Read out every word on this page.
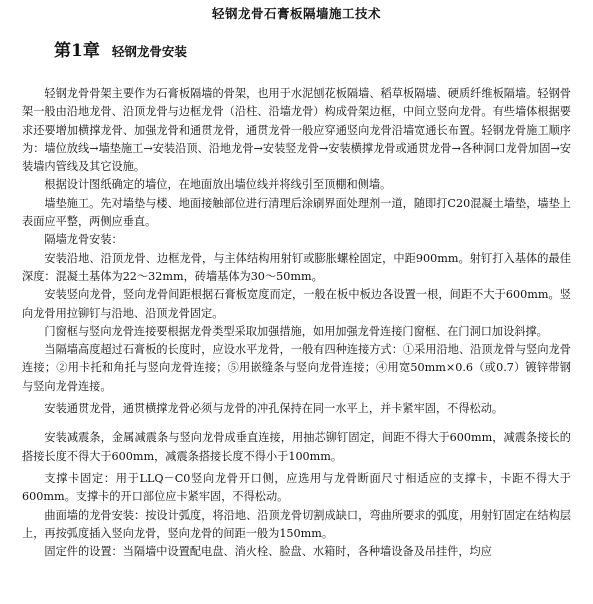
轻钢龙骨石膏板隔墙施工技术
第1章 轻钢龙骨安装

轻钢龙骨骨架主要作为石膏板隔墙的骨架，也用于水泥刨花板隔墙、稻草板隔墙、硬质纤维板隔墙。轻钢骨架一般由沿地龙骨、沿顶龙骨与边框龙骨（沿柱、沿墙龙骨）构成骨架边框，中间立竖向龙骨。有些墙体根据要求还要增加横撑龙骨、加强龙骨和通贯龙骨，通贯龙骨一般应穿通竖向龙骨沿墙宽通长布置。轻钢龙骨施工顺序为：墙位放线→墙垫施工→安装沿顶、沿地龙骨→安装竖龙骨→安装横撑龙骨或通贯龙骨→各种洞口龙骨加固→安装墙内管线及其它设施。

根据设计图纸确定的墙位，在地面放出墙位线并将线引至顶棚和侧墙。

墙垫施工。先对墙垫与楼、地面接触部位进行清理后涂刷界面处理剂一道，随即打C20混凝土墙垫，墙垫上表面应平整，两侧应垂直。

隔墙龙骨安装：

安装沿地、沿顶龙骨、边框龙骨，与主体结构用射钉或膨胀螺栓固定，中距900mm。射钉打入基体的最佳深度：混凝土基体为22～32mm，砖墙基体为30～50mm。

安装竖向龙骨，竖向龙骨间距根据石膏板宽度而定，一般在板中板边各设置一根，间距不大于600mm。竖向龙骨用拉铆钉与沿地、沿顶龙骨固定。

门窗框与竖向龙骨连接要根据龙骨类型采取加强措施，如用加强龙骨连接门窗框、在门洞口加设斜撑。

当隔墙高度超过石膏板的长度时，应设水平龙骨，一般有四种连接方式：①采用沿地、沿顶龙骨与竖向龙骨连接；②用卡托和角托与竖向龙骨连接；⑤用嵌缝条与竖向龙骨连接；④用宽50mm×0.6（或0.7）镀锌带钢与竖向龙骨连接。

安装通贯龙骨，通贯横撑龙骨必须与龙骨的冲孔保持在同一水平上，并卡紧牢固，不得松动。

安装减震条，金属减震条与竖向龙骨成垂直连接，用抽芯铆钉固定，间距不得大于600mm，减震条接长的搭接长度不得大于600mm，减震条搭接长度不得小于100mm。

支撑卡固定：用于LLQ－C0竖向龙骨开口侧，应选用与龙骨断面尺寸相适应的支撑卡，卡距不得大于600mm。支撑卡的开口部位应卡紧牢固，不得松动。

曲面墙的龙骨安装：按设计弧度，将沿地、沿顶龙骨切割成缺口，弯曲所要求的弧度，用射钉固定在结构层上，再按弧度插入竖向龙骨，竖向龙骨的间距一般为150mm。

固定件的设置：当隔墙中设置配电盘、消火栓、脸盘、水箱时，各种墙设备及吊挂件，均应
